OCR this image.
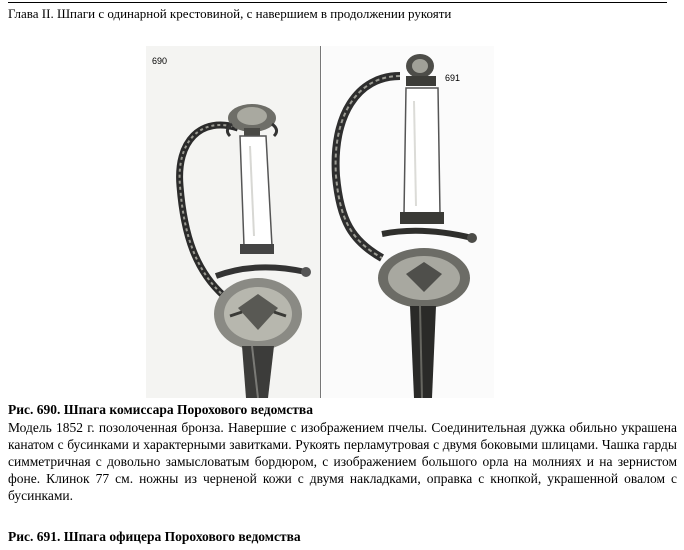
Глава II. Шпаги с одинарной крестовиной, с навершием в продолжении рукояти
690
691
Рис. 690. Шпага комиссара Порохового ведомства
Модель 1852 г. позолоченная бронза. Навершие с изображением пчелы. Соединительная дужка обильно украшена канатом с бусинками и характерными завитками. Рукоять перламутровая с двумя боковыми шлицами. Чашка гарды симметричная с довольно замысловатым бордюром, с изображением большого орла на молниях и на зернистом фоне. Клинок 77 см. ножны из черненой кожи с двумя накладками, оправка с кнопкой, украшенной овалом с бусинками.
Рис. 691. Шпага офицера Порохового ведомства
